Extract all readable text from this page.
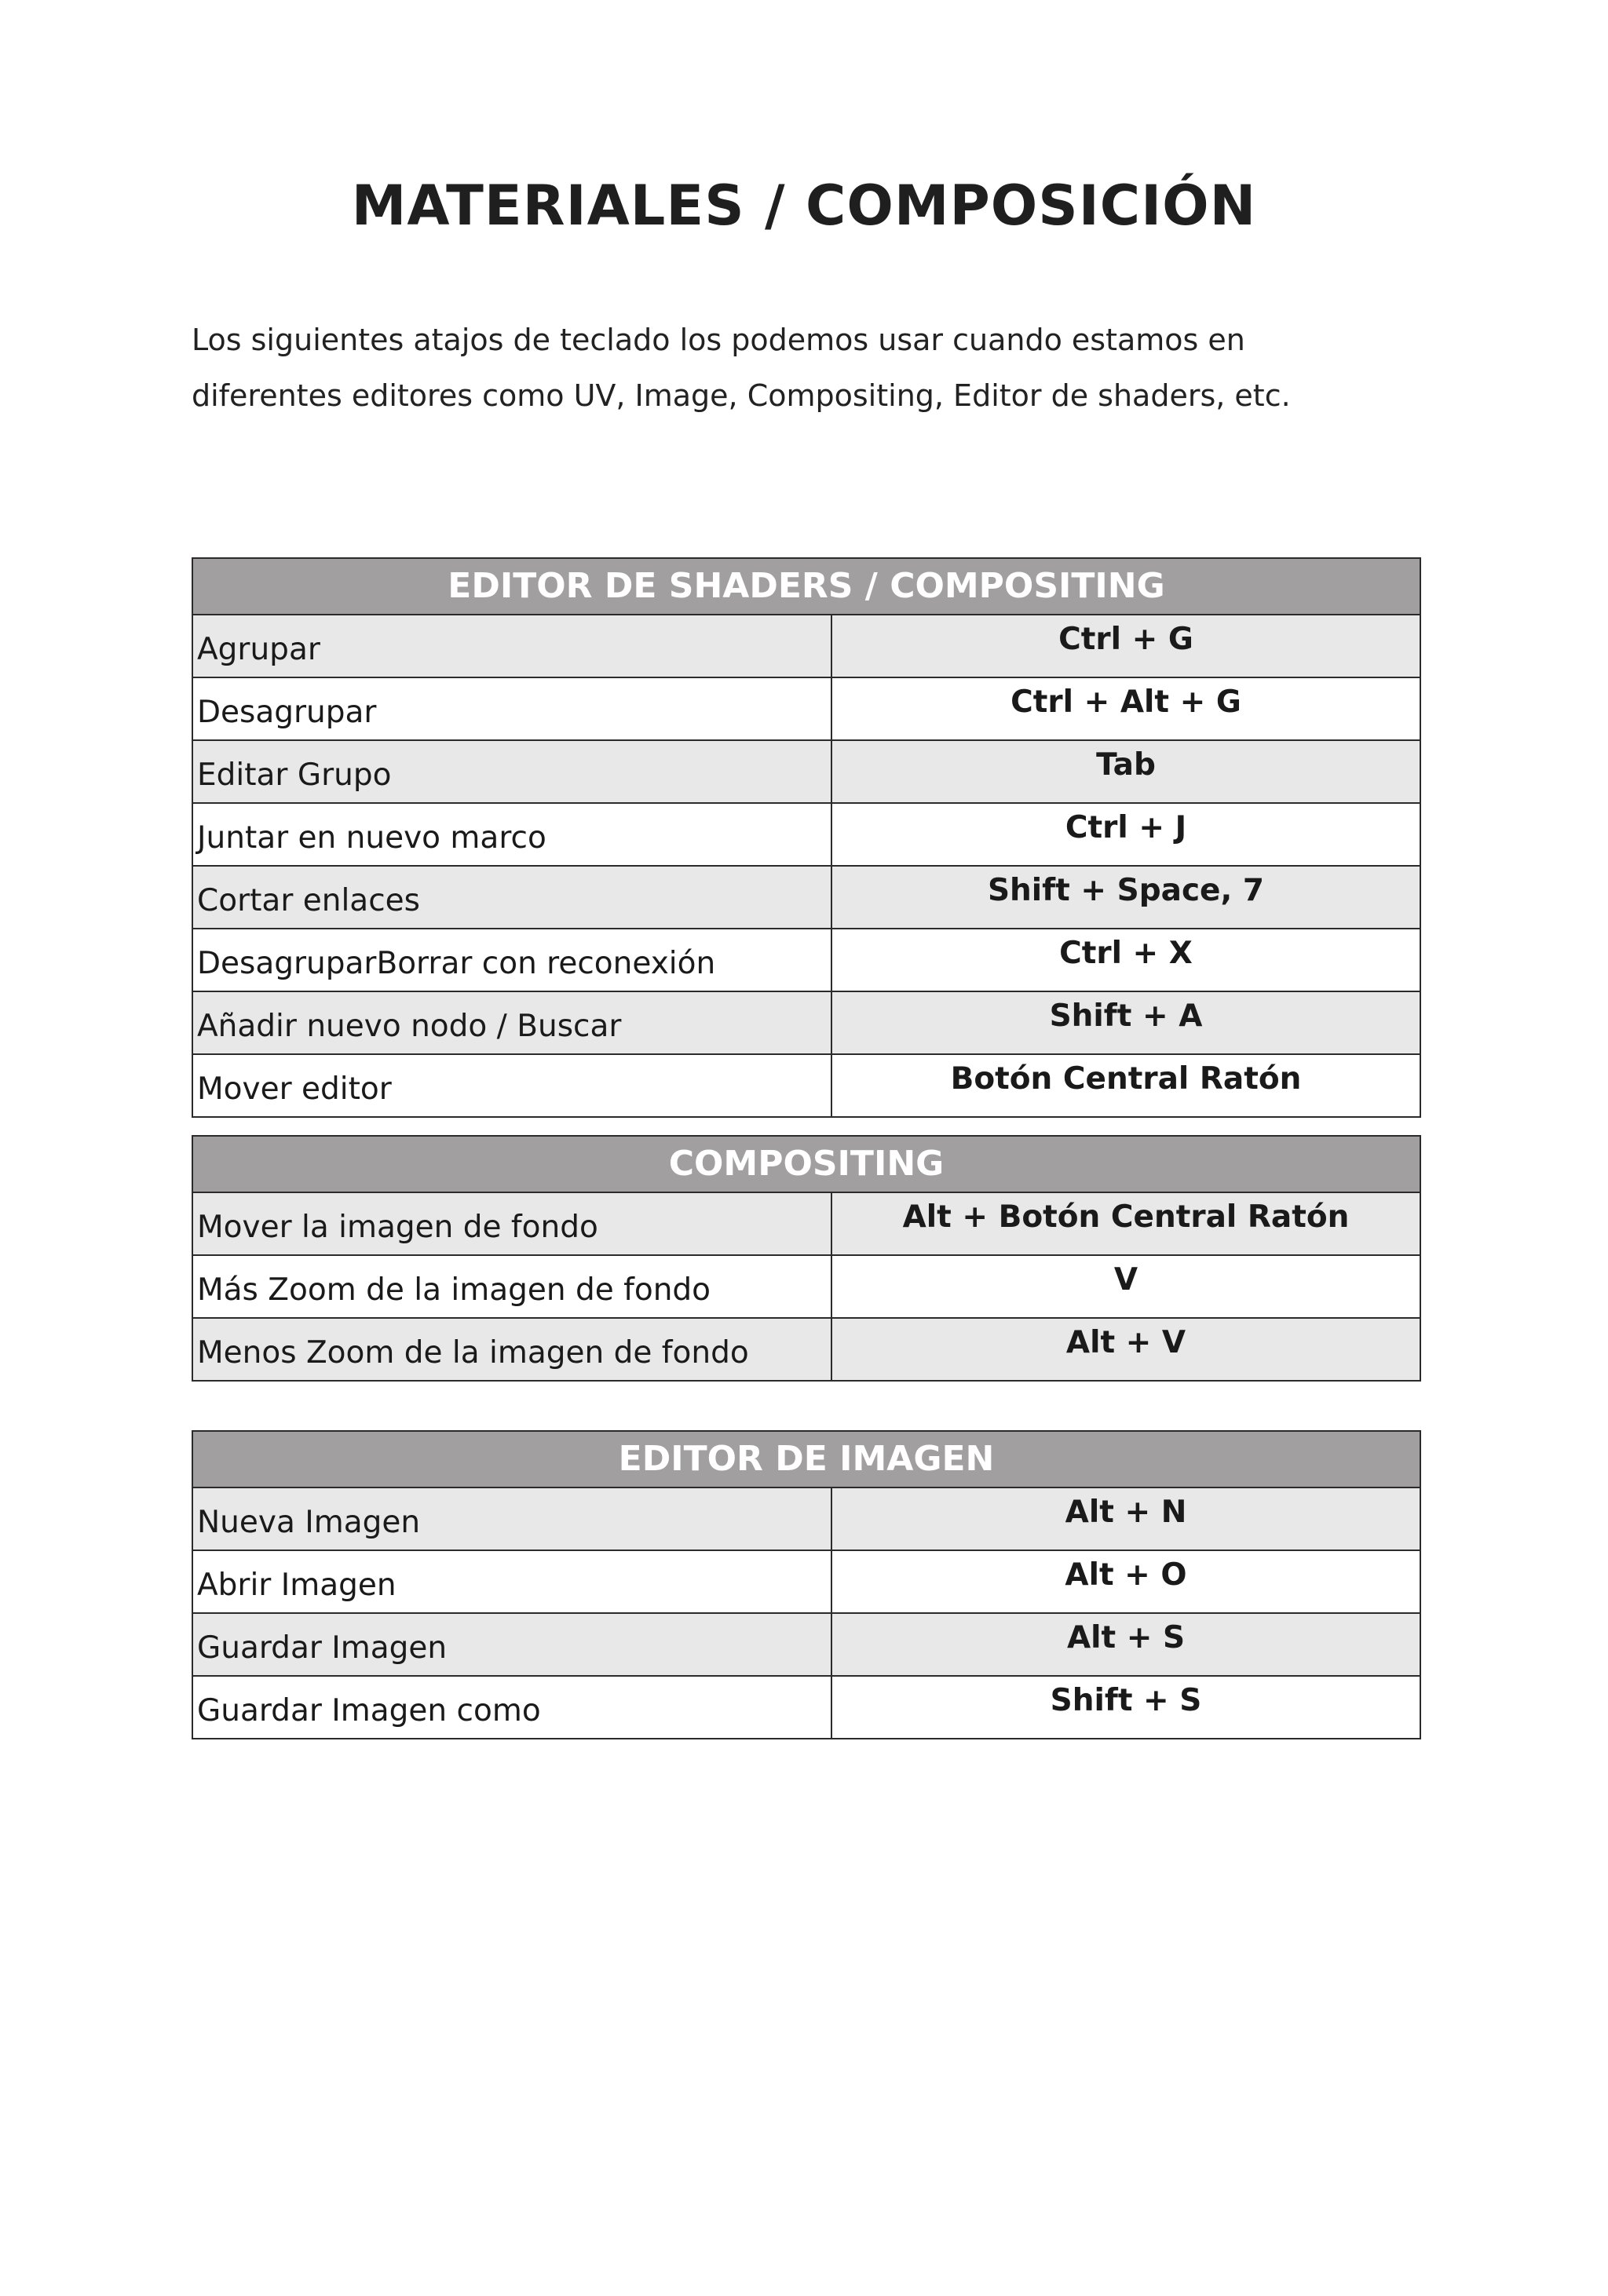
MATERIALES / COMPOSICIÓN
Los siguientes atajos de teclado los podemos usar cuando estamos en diferentes editores como UV, Image, Compositing, Editor de shaders, etc.
EDITOR DE SHADERS / COMPOSITING	
Agrupar	Ctrl + G
Desagrupar	Ctrl + Alt + G
Editar Grupo	Tab
Juntar en nuevo marco	Ctrl + J
Cortar enlaces	Shift + Space, 7
DesagruparBorrar con reconexión	Ctrl + X
Añadir nuevo nodo / Buscar	Shift + A
Mover editor	Botón Central Ratón
COMPOSITING	
Mover la imagen de fondo	Alt + Botón Central Ratón
Más Zoom de la imagen de fondo	V
Menos Zoom de la imagen de fondo	Alt + V
EDITOR DE IMAGEN	
Nueva Imagen	Alt + N
Abrir Imagen	Alt + O
Guardar Imagen	Alt + S
Guardar Imagen como	Shift + S
